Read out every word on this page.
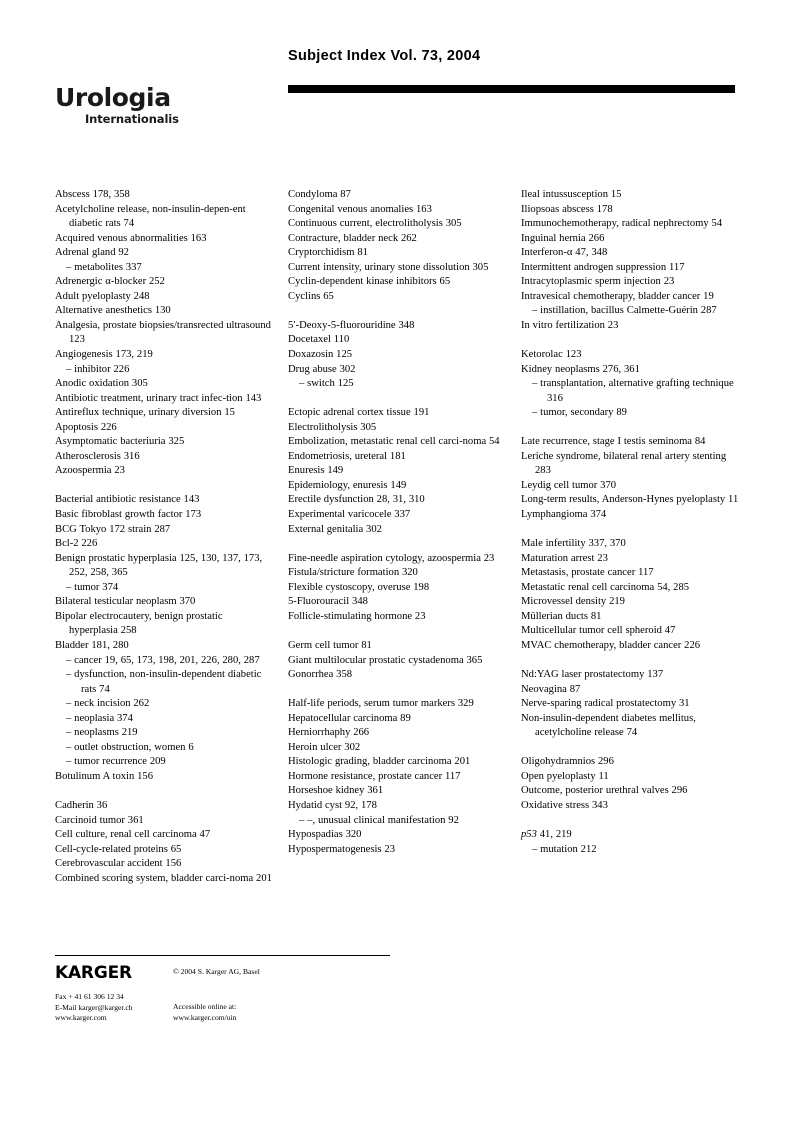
Subject Index Vol. 73, 2004
Urologia
Internationalis
Abscess 178, 358
Acetylcholine release, non-insulin-depen-ent diabetic rats 74
Acquired venous abnormalities 163
Adrenal gland 92
– metabolites 337
Adrenergic α-blocker 252
Adult pyeloplasty 248
Alternative anesthetics 130
Analgesia, prostate biopsies/transrected ultrasound 123
Angiogenesis 173, 219
– inhibitor 226
Anodic oxidation 305
Antibiotic treatment, urinary tract infec-tion 143
Antireflux technique, urinary diversion 15
Apoptosis 226
Asymptomatic bacteriuria 325
Atherosclerosis 316
Azoospermia 23
Bacterial antibiotic resistance 143
Basic fibroblast growth factor 173
BCG Tokyo 172 strain 287
Bcl-2 226
Benign prostatic hyperplasia 125, 130, 137, 173, 252, 258, 365
– tumor 374
Bilateral testicular neoplasm 370
Bipolar electrocautery, benign prostatic hyperplasia 258
Bladder 181, 280
– cancer 19, 65, 173, 198, 201, 226, 280, 287
– dysfunction, non-insulin-dependent diabetic rats 74
– neck incision 262
– neoplasia 374
– neoplasms 219
– outlet obstruction, women 6
– tumor recurrence 209
Botulinum A toxin 156
Cadherin 36
Carcinoid tumor 361
Cell culture, renal cell carcinoma 47
Cell-cycle-related proteins 65
Cerebrovascular accident 156
Combined scoring system, bladder carci-noma 201
Condyloma 87
Congenital venous anomalies 163
Continuous current, electrolitholysis 305
Contracture, bladder neck 262
Cryptorchidism 81
Current intensity, urinary stone dissolution 305
Cyclin-dependent kinase inhibitors 65
Cyclins 65
5′-Deoxy-5-fluorouridine 348
Docetaxel 110
Doxazosin 125
Drug abuse 302
– switch 125
Ectopic adrenal cortex tissue 191
Electrolitholysis 305
Embolization, metastatic renal cell carci-noma 54
Endometriosis, ureteral 181
Enuresis 149
Epidemiology, enuresis 149
Erectile dysfunction 28, 31, 310
Experimental varicocele 337
External genitalia 302
Fine-needle aspiration cytology, azoospermia 23
Fistula/stricture formation 320
Flexible cystoscopy, overuse 198
5-Fluorouracil 348
Follicle-stimulating hormone 23
Germ cell tumor 81
Giant multilocular prostatic cystadenoma 365
Gonorrhea 358
Half-life periods, serum tumor markers 329
Hepatocellular carcinoma 89
Herniorrhaphy 266
Heroin ulcer 302
Histologic grading, bladder carcinoma 201
Hormone resistance, prostate cancer 117
Horseshoe kidney 361
Hydatid cyst 92, 178
– –, unusual clinical manifestation 92
Hypospadias 320
Hypospermatogenesis 23
Ileal intussusception 15
Iliopsoas abscess 178
Immunochemotherapy, radical nephrectomy 54
Inguinal hernia 266
Interferon-α 47, 348
Intermittent androgen suppression 117
Intracytoplasmic sperm injection 23
Intravesical chemotherapy, bladder cancer 19
– instillation, bacillus Calmette-Guérin 287
In vitro fertilization 23
Ketorolac 123
Kidney neoplasms 276, 361
– transplantation, alternative grafting technique 316
– tumor, secondary 89
Late recurrence, stage I testis seminoma 84
Leriche syndrome, bilateral renal artery stenting 283
Leydig cell tumor 370
Long-term results, Anderson-Hynes pyeloplasty 11
Lymphangioma 374
Male infertility 337, 370
Maturation arrest 23
Metastasis, prostate cancer 117
Metastatic renal cell carcinoma 54, 285
Microvessel density 219
Müllerian ducts 81
Multicellular tumor cell spheroid 47
MVAC chemotherapy, bladder cancer 226
Nd:YAG laser prostatectomy 137
Neovagina 87
Nerve-sparing radical prostatectomy 31
Non-insulin-dependent diabetes mellitus, acetylcholine release 74
Oligohydramnios 296
Open pyeloplasty 11
Outcome, posterior urethral valves 296
Oxidative stress 343
p53 41, 219
– mutation 212
KARGER	© 2004 S. Karger AG, Basel
Fax + 41 61 306 12 34
E-Mail karger@karger.ch
www.karger.com
Accessible online at:
www.karger.com/uin
